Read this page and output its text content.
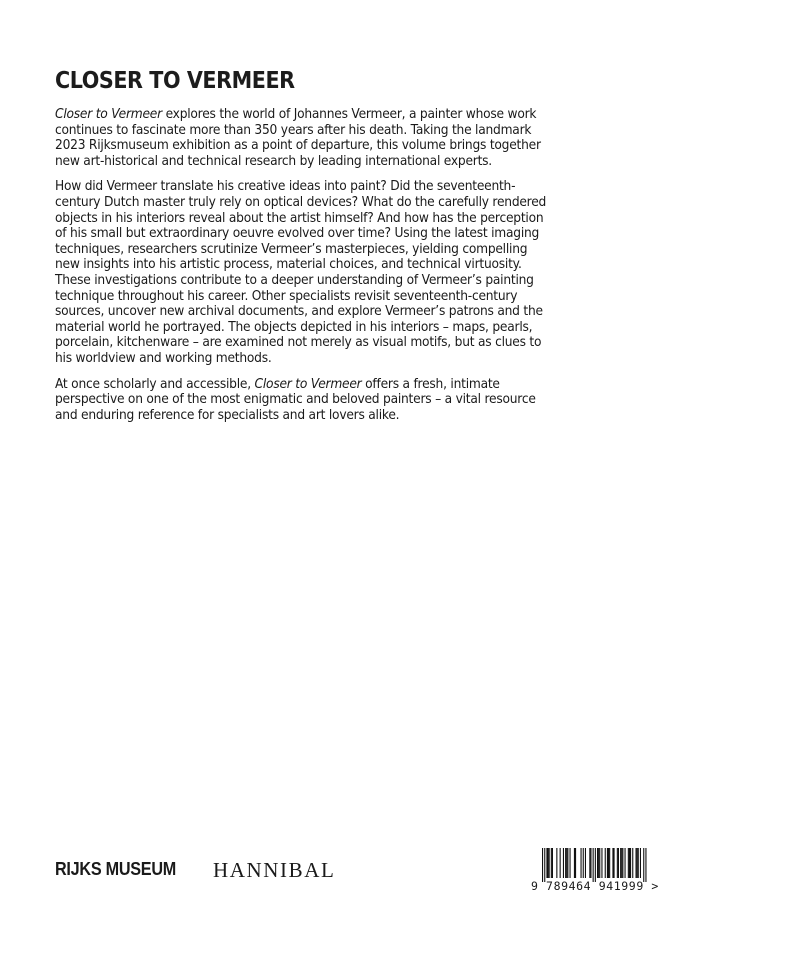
CLOSER TO VERMEER

Closer to Vermeer explores the world of Johannes Vermeer, a painter whose work continues to fascinate more than 350 years after his death. Taking the landmark 2023 Rijksmuseum exhibition as a point of departure, this volume brings together new art-historical and technical research by leading international experts.

How did Vermeer translate his creative ideas into paint? Did the seventeenth-century Dutch master truly rely on optical devices? What do the carefully rendered objects in his interiors reveal about the artist himself? And how has the perception of his small but extraordinary oeuvre evolved over time? Using the latest imaging techniques, researchers scrutinize Vermeer’s masterpieces, yielding compelling new insights into his artistic process, material choices, and technical virtuosity. These investigations contribute to a deeper understanding of Vermeer’s painting technique throughout his career. Other specialists revisit seventeenth-century sources, uncover new archival documents, and explore Vermeer’s patrons and the material world he portrayed. The objects depicted in his interiors – maps, pearls, porcelain, kitchenware – are examined not merely as visual motifs, but as clues to his worldview and working methods.

At once scholarly and accessible, Closer to Vermeer offers a fresh, intimate perspective on one of the most enigmatic and beloved painters – a vital resource and enduring reference for specialists and art lovers alike.

RIJKS MUSEUM HANNIBAL
9 789464 941999 >
